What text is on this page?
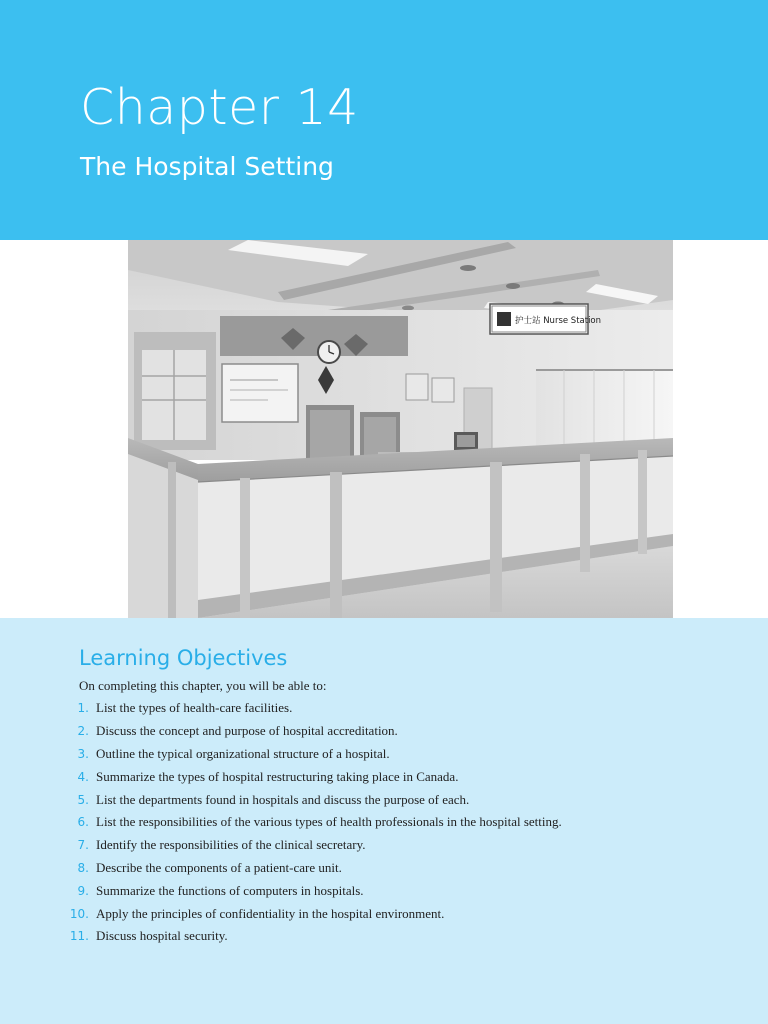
Chapter 14
The Hospital Setting
护士站 Nurse Station
Learning Objectives

On completing this chapter, you will be able to:

1. List the types of health-care facilities.
2. Discuss the concept and purpose of hospital accreditation.
3. Outline the typical organizational structure of a hospital.
4. Summarize the types of hospital restructuring taking place in Canada.
5. List the departments found in hospitals and discuss the purpose of each.
6. List the responsibilities of the various types of health professionals in the hospital setting.
7. Identify the responsibilities of the clinical secretary.
8. Describe the components of a patient-care unit.
9. Summarize the functions of computers in hospitals.
10. Apply the principles of confidentiality in the hospital environment.
11. Discuss hospital security.
